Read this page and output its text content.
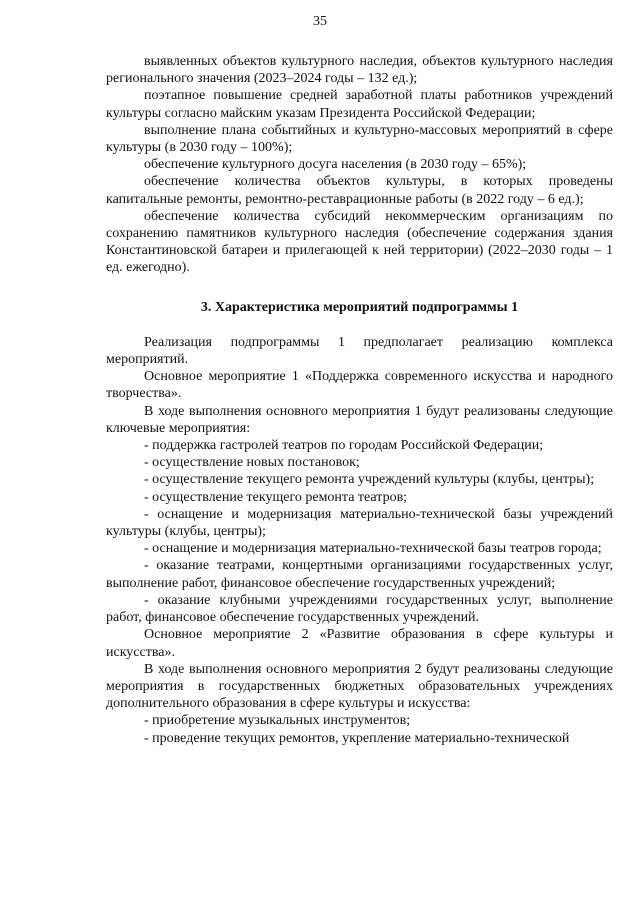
35

выявленных объектов культурного наследия, объектов культурного наследия регионального значения (2023–2024 годы – 132 ед.);

поэтапное повышение средней заработной платы работников учреждений культуры согласно майским указам Президента Российской Федерации;

выполнение плана событийных и культурно-массовых мероприятий в сфере культуры (в 2030 году – 100%);

обеспечение культурного досуга населения (в 2030 году – 65%);

обеспечение количества объектов культуры, в которых проведены капитальные ремонты, ремонтно-реставрационные работы (в 2022 году – 6 ед.);

обеспечение количества субсидий некоммерческим организациям по сохранению памятников культурного наследия (обеспечение содержания здания Константиновской батареи и прилегающей к ней территории) (2022–2030 годы – 1 ед. ежегодно).

3. Характеристика мероприятий подпрограммы 1

Реализация подпрограммы 1 предполагает реализацию комплекса мероприятий.

Основное мероприятие 1 «Поддержка современного искусства и народного творчества».

В ходе выполнения основного мероприятия 1 будут реализованы следующие ключевые мероприятия:

- поддержка гастролей театров по городам Российской Федерации;

- осуществление новых постановок;

- осуществление текущего ремонта учреждений культуры (клубы, центры);

- осуществление текущего ремонта театров;

- оснащение и модернизация материально-технической базы учреждений культуры (клубы, центры);

- оснащение и модернизация материально-технической базы театров города;

- оказание театрами, концертными организациями государственных услуг, выполнение работ, финансовое обеспечение государственных учреждений;

- оказание клубными учреждениями государственных услуг, выполнение работ, финансовое обеспечение государственных учреждений.

Основное мероприятие 2 «Развитие образования в сфере культуры и искусства».

В ходе выполнения основного мероприятия 2 будут реализованы следующие мероприятия в государственных бюджетных образовательных учреждениях дополнительного образования в сфере культуры и искусства:

- приобретение музыкальных инструментов;

- проведение текущих ремонтов, укрепление материально-технической
